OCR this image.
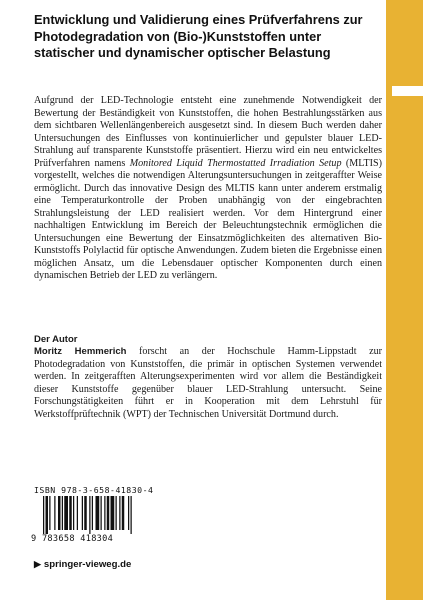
Entwicklung und Validierung eines Prüfverfahrens zur Photodegradation von (Bio-)Kunststoffen unter statischer und dynamischer optischer Belastung

Aufgrund der LED-Technologie entsteht eine zunehmende Notwendigkeit der Bewertung der Beständigkeit von Kunststoffen, die hohen Bestrahlungsstärken aus dem sichtbaren Wellenlängenbereich ausgesetzt sind. In diesem Buch werden daher Untersuchungen des Einflusses von kontinuierlicher und gepulster blauer LED-Strahlung auf transparente Kunststoffe präsentiert. Hierzu wird ein neu entwickeltes Prüfverfahren namens Monitored Liquid Thermostatted Irradiation Setup (MLTIS) vorgestellt, welches die notwendigen Alterungsuntersuchungen in zeitgeraffter Weise ermöglicht. Durch das innovative Design des MLTIS kann unter anderem erstmalig eine Temperaturkontrolle der Proben unabhängig von der eingebrachten Strahlungsleistung der LED realisiert werden. Vor dem Hintergrund einer nachhaltigen Entwicklung im Bereich der Beleuchtungstechnik ermöglichen die Untersuchungen eine Bewertung der Einsatzmöglichkeiten des alternativen Bio-Kunststoffs Polylactid für optische Anwendungen. Zudem bieten die Ergebnisse einen möglichen Ansatz, um die Lebensdauer optischer Komponenten durch einen dynamischen Betrieb der LED zu verlängern.

Der Autor

Moritz Hemmerich forscht an der Hochschule Hamm-Lippstadt zur Photodegradation von Kunststoffen, die primär in optischen Systemen verwendet werden. In zeitgerafften Alterungsexperimenten wird vor allem die Beständigkeit dieser Kunststoffe gegenüber blauer LED-Strahlung untersucht. Seine Forschungstätigkeiten führt er in Kooperation mit dem Lehrstuhl für Werkstoffprüftechnik (WPT) der Technischen Universität Dortmund durch.

ISBN 978-3-658-41830-4
9 783658 418304
▶ springer-vieweg.de
